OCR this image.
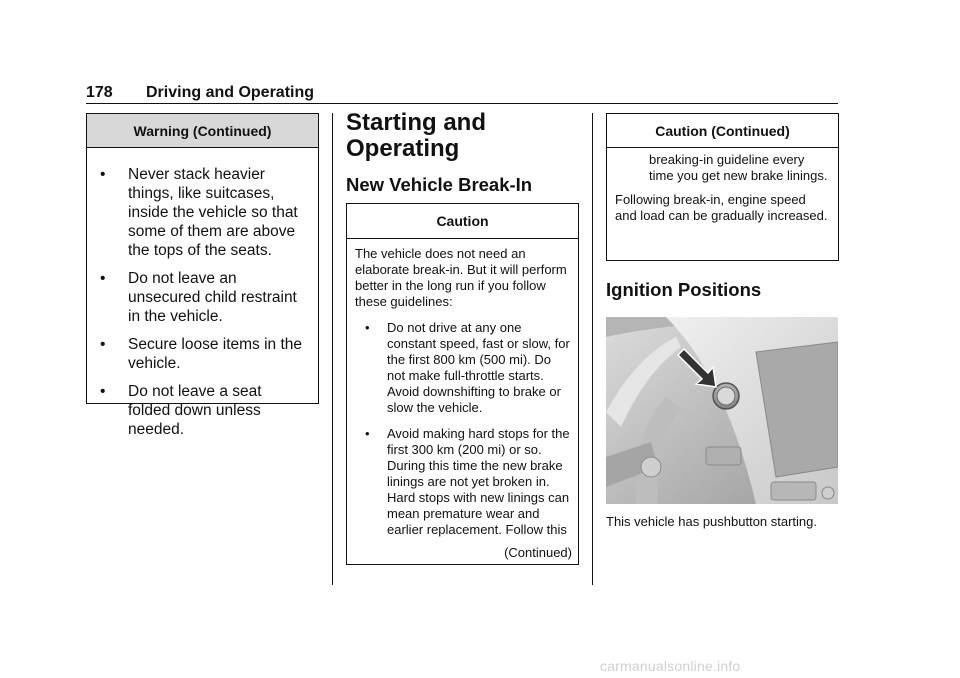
178 Driving and Operating
Warning (Continued)
• Never stack heavier things, like suitcases, inside the vehicle so that some of them are above the tops of the seats.
• Do not leave an unsecured child restraint in the vehicle.
• Secure loose items in the vehicle.
• Do not leave a seat folded down unless needed.
Starting and Operating
New Vehicle Break-In
Caution

The vehicle does not need an elaborate break-in. But it will perform better in the long run if you follow these guidelines:

• Do not drive at any one constant speed, fast or slow, for the first 800 km (500 mi). Do not make full-throttle starts. Avoid downshifting to brake or slow the vehicle.
• Avoid making hard stops for the first 300 km (200 mi) or so. During this time the new brake linings are not yet broken in. Hard stops with new linings can mean premature wear and earlier replacement. Follow this
(Continued)
Caution (Continued)

breaking-in guideline every time you get new brake linings.

Following break-in, engine speed and load can be gradually increased.

Ignition Positions

This vehicle has pushbutton starting.

carmanualsonline.info
